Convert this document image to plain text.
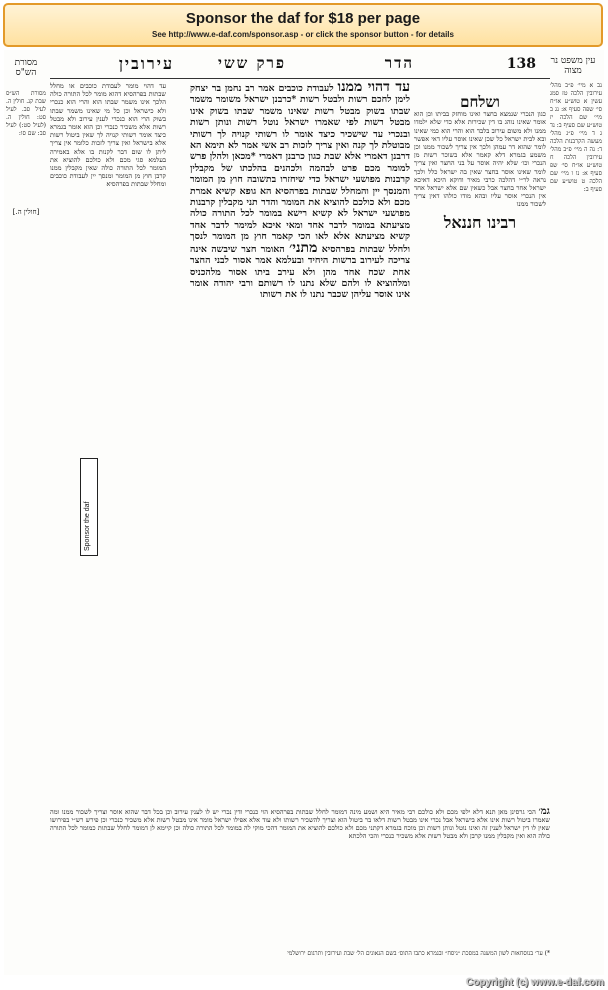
Sponsor the daf for $18 per page
See http://www.e-daf.com/sponsor.asp - or click the sponsor button - for details
עין משפט נר מצוה
138
הדר
פרק ששי
עירובין
מסורת הש"ס
נב א מיי׳ פ״ב מהל׳ עירובין הלכה טז סמג עשין א טוש״ע או״ח סי׳ שפה סעיף א: נג ב מיי׳ שם הלכה יז טוש״ע שם סעיף ב: נד ג ד מיי׳ פ״ג מהל׳ מעשה הקרבנות הלכה ד: נה ה מיי׳ פ״ב מהל׳ עירובין הלכה ח טוש״ע או״ח סי׳ שפ סעיף א: נו ו מיי׳ שם הלכה ט טוש״ע שם סעיף ב:
ושלחם
כגון הנכרי שנמצא בחצר ואינו מוחזק בביתו וכן הוא אומר שאינו נוהג בו דין שכירות אלא כדי שלא ילמדו ממנו ולא משום עירוב בלבד הוא והרי הוא כמי שאינו ובא לבית ישראל כל שכן שאינו אוסר עליו דאי אפשר לומר שהוא דר עמהן ולכך אין צריך לשכור ממנו וכן משמע בגמרא דלא קאמר אלא בשוכר רשות מן הנכרי וכו׳ שלא יהיה אוסר על בני החצר ואין צריך לומר שאינו אוסר בחצר שאין בה ישראל כלל ולכך נראה לר״י דהלכה כרבי מאיר ודוקא היכא דאיכא ישראל אחר בחצר אבל כשאין שם אלא ישראל אחד אין הנכרי אוסר עליו ובהא מודו כולהו דאין צריך לשכור ממנו
רבינו חננאל
עד דהוי ממנו לעבודת כוכבים אמר רב נחמן בר יצחק לימן לחכם רשות ולבטל רשות *כרבנן ישראל משומר משמר שבתו בשוק מבטל רשות שאינו משמר שבתו בשוק אינו מבטל רשות לפי שאמרו ישראל נוטל רשות ונותן רשות ובנכרי עד שישכיר כיצד אומר לו רשותי קנויה לך רשותי מבוטלת לך קנה ואין צריך לזכות רב אשי אמר לא תימא הא דרבנן דאמרי אלא שבת כגון כרבנן דאמרי *מכאן ולהלן פרש למומר מכם פרט לבהמה ולכהנים בהלכתו של מקבלין קרבנות מפושעי ישראל כדי שיחזרו בתשובה חוץ מן המומר והמנסך יין והמחלל שבתות בפרהסיא הא גופא קשיא אמרת מכם ולא כולכם להוציא את המומר והדר תני מקבלין קרבנות מפושעי ישראל לא קשיא רישא במומר לכל התורה כולה מציעתא במומר לדבר אחד ומאי איכא למימר לדבר אחד קשיא מציעתא אלא לאו הכי קאמר חוץ מן המומר לנסך ולחלל שבתות בפרהסיא מתני׳ האומר חצר שיבשה אינה צריכה לעירוב ברשות היחיד ובעלמא אמר אסור לבני החצר אחת שכח אחד מהן ולא עירב ביתו אסור מלהכניס ומלהוציא לו ולהם שלא נתנו לו רשותם ורבי יהודה אומר אינו אוסר עליהן שכבר נתנו לו את רשותו
עד דהוי מומר לעבודת כוכבים או מחלל שבתות בפרהסיא דהוא מומר לכל התורה כולה הלכך אינו משמר שבתו הוא והרי הוא כנכרי ולא כישראל וכן כל מי שאינו משמר שבתו בשוק הרי הוא כנכרי לענין עירוב ולא מבטל רשות אלא משכיר כנכרי וכן הוא אומר בגמרא כיצד אומר רשותי קנויה לך שאין ביטול רשות אלא בישראל ואין צריך לזכות כלומר אין צריך ליתן לו שום דבר לקנות בו אלא באמירה בעלמא סגי מכם ולא כולכם להוציא את המומר לכל התורה כולה שאין מקבלין ממנו קרבן חוץ מן המומר ומנסך יין לעבודת כוכבים ומחלל שבתות בפרהסיא
מסורת הש״ס שבת קנ. חולין ה. לעיל סב. לעיל סט: חולין ה. (לעיל סט:) לעיל סב: שם סו:
[חולין ה.]
גמ׳ הכי גרסינן מאן תנא דלא ילפי מכם ולא כולכם רבי מאיר היא ושמע מינה דמומר לחלל שבתות בפרהסיא הוי כנכרי ודין נכרי יש לו לענין עירוב וכן בכל דבר שהוא אוסר וצריך לשכור ממנו ומה שאמרו ביטול רשות אינו אלא בישראל אבל נכרי אינו מבטל רשות דלאו בר ביטול הוא וצריך להשכיר רשותו ולא עוד אלא אפילו ישראל מומר אינו מבטל רשות אלא משכיר כנכרי וכן פירש רש״י בפירושו שאין לו דין ישראל לענין זה ואינו נוטל ונותן רשות וכן מוכח בגמרא דקתני מכם ולא כולכם להוציא את המומר דהכי מוקי לה במומר לכל התורה כולה וכן קיימא לן דמומר לחלל שבתות כמומר לכל התורה כולה הוא ואין מקבלין ממנו קרבן ולא מבטל רשות אלא משכיר כנכרי והכי הלכתא
*) ער׳ בנוסחאות לשון המשנה במסכת ״ניסח״ ובגמרא כתבו התוס׳ בשם הגאונים הל׳ שבת ועירובין ותרגום ירושלמי
Sponsor the daf
Copyright (c) www.e-daf.com
